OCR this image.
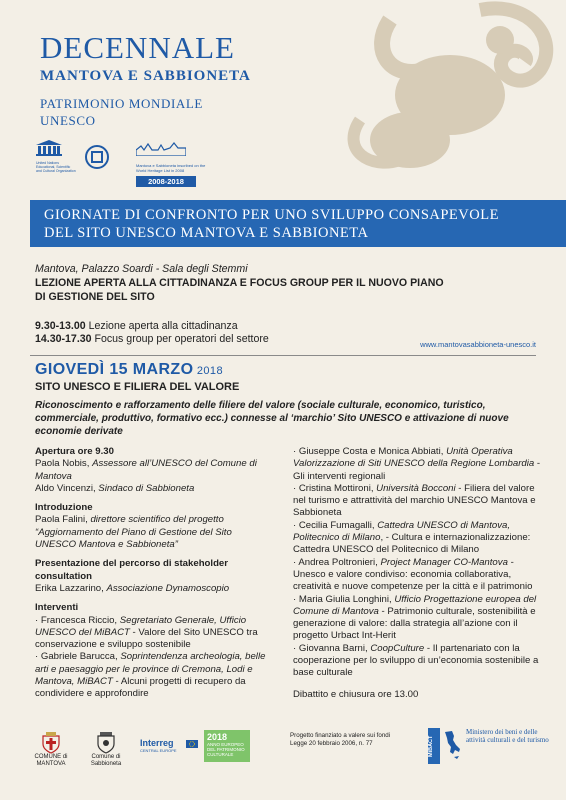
DECENNALE
MANTOVA E SABBIONETA
PATRIMONIO MONDIALE UNESCO
United Nations Educational, Scientific and Cultural Organization
Mantova e Sabbioneta inscribed on the World Heritage List in 2008
2008-2018
GIORNATE DI CONFRONTO PER UNO SVILUPPO CONSAPEVOLE
DEL SITO UNESCO MANTOVA E SABBIONETA
Mantova, Palazzo Soardi - Sala degli Stemmi
LEZIONE APERTA ALLA CITTADINANZA E FOCUS GROUP PER IL NUOVO PIANO
DI GESTIONE DEL SITO
9.30-13.00 Lezione aperta alla cittadinanza
14.30-17.30 Focus group per operatori del settore	www.mantovasabbioneta-unesco.it
GIOVEDÌ 15 MARZO 2018
SITO UNESCO E FILIERA DEL VALORE
Riconoscimento e rafforzamento delle filiere del valore (sociale culturale, economico, turistico, commerciale, produttivo, formativo ecc.) connesse al ‘marchio’ Sito UNESCO e attivazione di nuove economie derivate
Apertura ore 9.30
Paola Nobis, Assessore all’UNESCO del Comune di Mantova
Aldo Vincenzi, Sindaco di Sabbioneta
Introduzione
Paola Falini, direttore scientifico del progetto “Aggiornamento del Piano di Gestione del Sito UNESCO Mantova e Sabbioneta”
Presentazione del percorso di stakeholder consultation
Erika Lazzarino, Associazione Dynamoscopio
Interventi
· Francesca Riccio, Segretariato Generale, Ufficio UNESCO del MiBACT - Valore del Sito UNESCO tra conservazione e sviluppo sostenibile
· Gabriele Barucca, Soprintendenza archeologia, belle arti e paesaggio per le province di Cremona, Lodi e Mantova, MiBACT - Alcuni progetti di recupero da condividere e approfondire
· Giuseppe Costa e Monica Abbiati, Unità Operativa Valorizzazione di Siti UNESCO della Regione Lombardia - Gli interventi regionali
· Cristina Mottironi, Università Bocconi - Filiera del valore nel turismo e attrattività del marchio UNESCO Mantova e Sabbioneta
· Cecilia Fumagalli, Cattedra UNESCO di Mantova, Politecnico di Milano, - Cultura e internazionalizzazione: Cattedra UNESCO del Politecnico di Milano
· Andrea Poltronieri, Project Manager CO-Mantova - Unesco e valore condiviso: economia collaborativa, creatività e nuove competenze per la città e il patrimonio
· Maria Giulia Longhini, Ufficio Progettazione europea del Comune di Mantova - Patrimonio culturale, sostenibilità e generazione di valore: dalla strategia all’azione con il progetto Urbact Int-Herit
· Giovanna Barni, CoopCulture - Il partenariato con la cooperazione per lo sviluppo di un’economia sostenibile a base culturale
Dibattito e chiusura ore 13.00
COMUNE di MANTOVA
Comune di Sabbioneta
Interreg
CENTRAL EUROPE
2018
ANNO EUROPEO DEL PATRIMONIO CULTURALE
Progetto finanziato a valere sui fondi
Legge 20 febbraio 2006, n. 77	MiBACT
Ministero dei beni e delle attività culturali e del turismo
